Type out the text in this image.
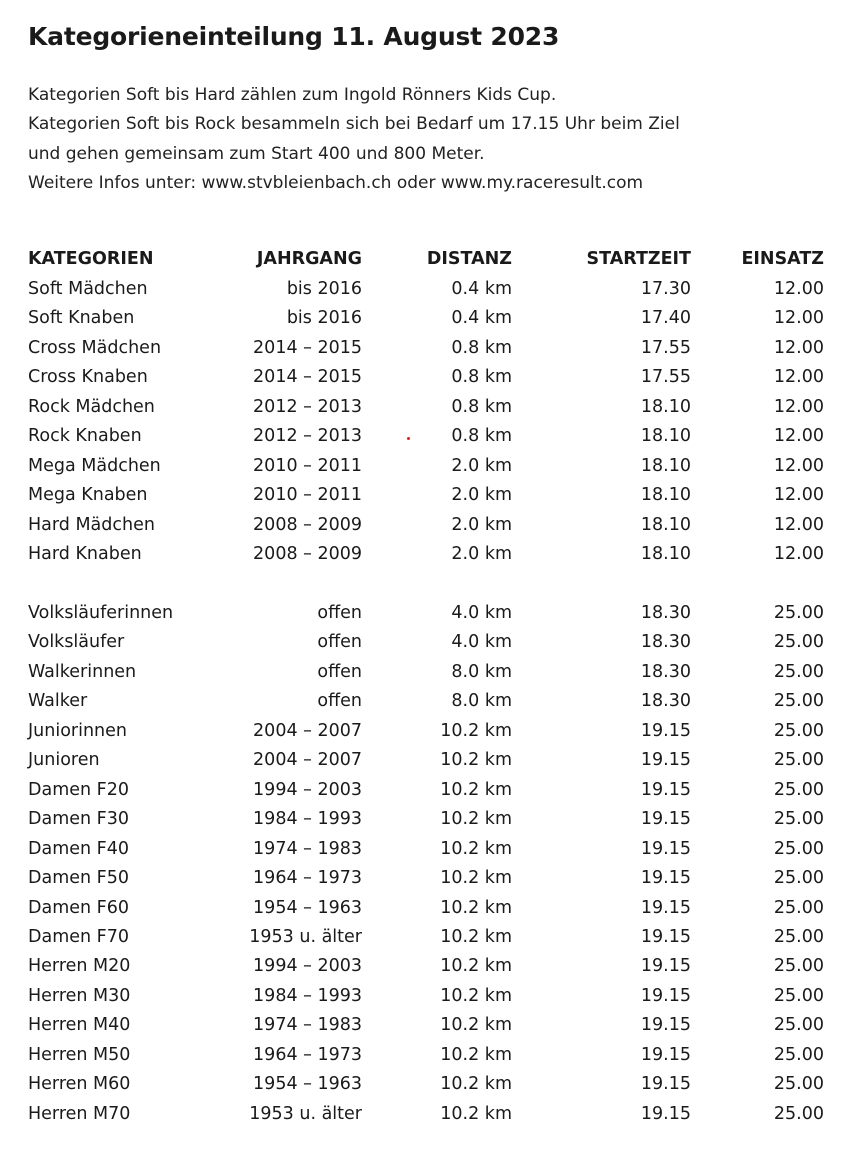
Kategorieneinteilung 11. August 2023
Kategorien Soft bis Hard zählen zum Ingold Rönners Kids Cup.
Kategorien Soft bis Rock besammeln sich bei Bedarf um 17.15 Uhr beim Ziel
und gehen gemeinsam zum Start 400 und 800 Meter.
Weitere Infos unter: www.stvbleienbach.ch oder www.my.raceresult.com
KATEGORIEN	JAHRGANG	DISTANZ	STARTZEIT	EINSATZ
Soft Mädchen	bis 2016	0.4 km	17.30	12.00
Soft Knaben	bis 2016	0.4 km	17.40	12.00
Cross Mädchen	2014 – 2015	0.8 km	17.55	12.00
Cross Knaben	2014 – 2015	0.8 km	17.55	12.00
Rock Mädchen	2012 – 2013	0.8 km	18.10	12.00
Rock Knaben	2012 – 2013	0.8 km	18.10	12.00
Mega Mädchen	2010 – 2011	2.0 km	18.10	12.00
Mega Knaben	2010 – 2011	2.0 km	18.10	12.00
Hard Mädchen	2008 – 2009	2.0 km	18.10	12.00
Hard Knaben	2008 – 2009	2.0 km	18.10	12.00

Volksläuferinnen	offen	4.0 km	18.30	25.00
Volksläufer	offen	4.0 km	18.30	25.00
Walkerinnen	offen	8.0 km	18.30	25.00
Walker	offen	8.0 km	18.30	25.00
Juniorinnen	2004 – 2007	10.2 km	19.15	25.00
Junioren	2004 – 2007	10.2 km	19.15	25.00
Damen F20	1994 – 2003	10.2 km	19.15	25.00
Damen F30	1984 – 1993	10.2 km	19.15	25.00
Damen F40	1974 – 1983	10.2 km	19.15	25.00
Damen F50	1964 – 1973	10.2 km	19.15	25.00
Damen F60	1954 – 1963	10.2 km	19.15	25.00
Damen F70	1953 u. älter	10.2 km	19.15	25.00
Herren M20	1994 – 2003	10.2 km	19.15	25.00
Herren M30	1984 – 1993	10.2 km	19.15	25.00
Herren M40	1974 – 1983	10.2 km	19.15	25.00
Herren M50	1964 – 1973	10.2 km	19.15	25.00
Herren M60	1954 – 1963	10.2 km	19.15	25.00
Herren M70	1953 u. älter	10.2 km	19.15	25.00
